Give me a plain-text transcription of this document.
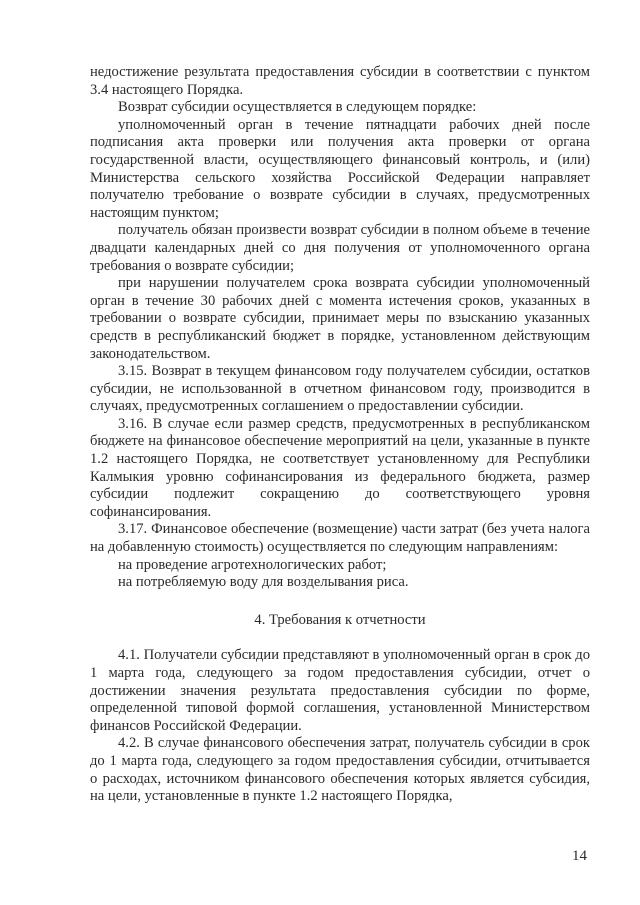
недостижение результата предоставления субсидии в соответствии с пунктом 3.4 настоящего Порядка.

Возврат субсидии осуществляется в следующем порядке:

уполномоченный орган в течение пятнадцати рабочих дней после подписания акта проверки или получения акта проверки от органа государственной власти, осуществляющего финансовый контроль, и (или) Министерства сельского хозяйства Российской Федерации направляет получателю требование о возврате субсидии в случаях, предусмотренных настоящим пунктом;

получатель обязан произвести возврат субсидии в полном объеме в течение двадцати календарных дней со дня получения от уполномоченного органа требования о возврате субсидии;

при нарушении получателем срока возврата субсидии уполномоченный орган в течение 30 рабочих дней с момента истечения сроков, указанных в требовании о возврате субсидии, принимает меры по взысканию указанных средств в республиканский бюджет в порядке, установленном действующим законодательством.

3.15. Возврат в текущем финансовом году получателем субсидии, остатков субсидии, не использованной в отчетном финансовом году, производится в случаях, предусмотренных соглашением о предоставлении субсидии.

3.16. В случае если размер средств, предусмотренных в республиканском бюджете на финансовое обеспечение мероприятий на цели, указанные в пункте 1.2 настоящего Порядка, не соответствует установленному для Республики Калмыкия уровню софинансирования из федерального бюджета, размер субсидии подлежит сокращению до соответствующего уровня софинансирования.

3.17. Финансовое обеспечение (возмещение) части затрат (без учета налога на добавленную стоимость) осуществляется по следующим направлениям:

на проведение агротехнологических работ;

на потребляемую воду для возделывания риса.

4. Требования к отчетности

4.1. Получатели субсидии представляют в уполномоченный орган в срок до 1 марта года, следующего за годом предоставления субсидии, отчет о достижении значения результата предоставления субсидии по форме, определенной типовой формой соглашения, установленной Министерством финансов Российской Федерации.

4.2. В случае финансового обеспечения затрат, получатель субсидии в срок до 1 марта года, следующего за годом предоставления субсидии, отчитывается о расходах, источником финансового обеспечения которых является субсидия, на цели, установленные в пункте 1.2 настоящего Порядка,

14
